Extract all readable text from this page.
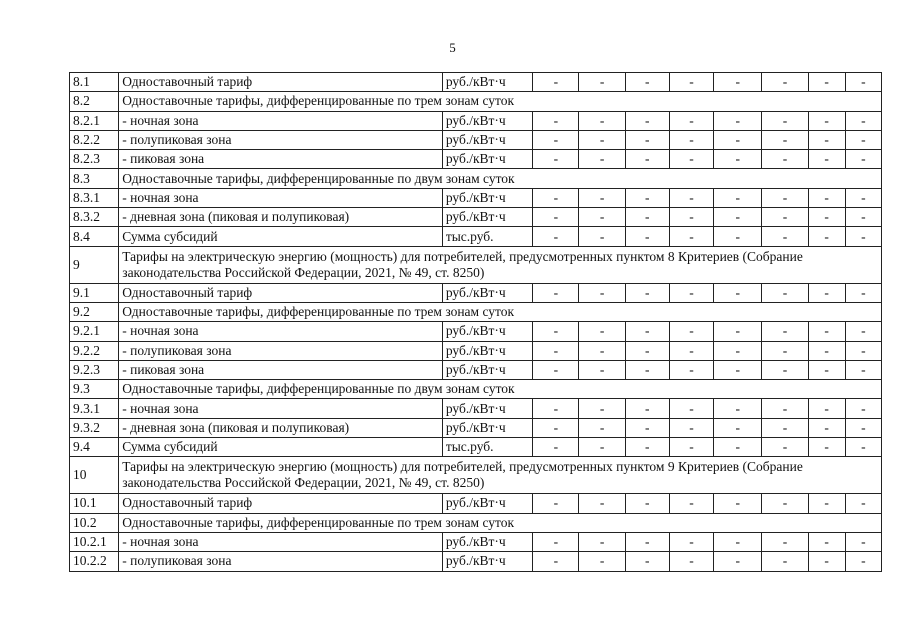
5
8.1	Одноставочный тариф	руб./кВт·ч	-	-	-	-	-	-	-	-
8.2	Одноставочные тарифы, дифференцированные по трем зонам суток									
8.2.1	- ночная зона	руб./кВт·ч	-	-	-	-	-	-	-	-
8.2.2	- полупиковая зона	руб./кВт·ч	-	-	-	-	-	-	-	-
8.2.3	- пиковая зона	руб./кВт·ч	-	-	-	-	-	-	-	-
8.3	Одноставочные тарифы, дифференцированные по двум зонам суток									
8.3.1	- ночная зона	руб./кВт·ч	-	-	-	-	-	-	-	-
8.3.2	- дневная зона (пиковая и полупиковая)	руб./кВт·ч	-	-	-	-	-	-	-	-
8.4	Сумма субсидий	тыс.руб.	-	-	-	-	-	-	-	-
9	Тарифы на электрическую энергию (мощность) для потребителей, предусмотренных пунктом 8 Критериев (Собрание законодательства Российской Федерации, 2021, № 49, ст. 8250)									
9.1	Одноставочный тариф	руб./кВт·ч	-	-	-	-	-	-	-	-
9.2	Одноставочные тарифы, дифференцированные по трем зонам суток									
9.2.1	- ночная зона	руб./кВт·ч	-	-	-	-	-	-	-	-
9.2.2	- полупиковая зона	руб./кВт·ч	-	-	-	-	-	-	-	-
9.2.3	- пиковая зона	руб./кВт·ч	-	-	-	-	-	-	-	-
9.3	Одноставочные тарифы, дифференцированные по двум зонам суток									
9.3.1	- ночная зона	руб./кВт·ч	-	-	-	-	-	-	-	-
9.3.2	- дневная зона (пиковая и полупиковая)	руб./кВт·ч	-	-	-	-	-	-	-	-
9.4	Сумма субсидий	тыс.руб.	-	-	-	-	-	-	-	-
10	Тарифы на электрическую энергию (мощность) для потребителей, предусмотренных пунктом 9 Критериев (Собрание законодательства Российской Федерации, 2021, № 49, ст. 8250)									
10.1	Одноставочный тариф	руб./кВт·ч	-	-	-	-	-	-	-	-
10.2	Одноставочные тарифы, дифференцированные по трем зонам суток									
10.2.1	- ночная зона	руб./кВт·ч	-	-	-	-	-	-	-	-
10.2.2	- полупиковая зона	руб./кВт·ч	-	-	-	-	-	-	-	-
